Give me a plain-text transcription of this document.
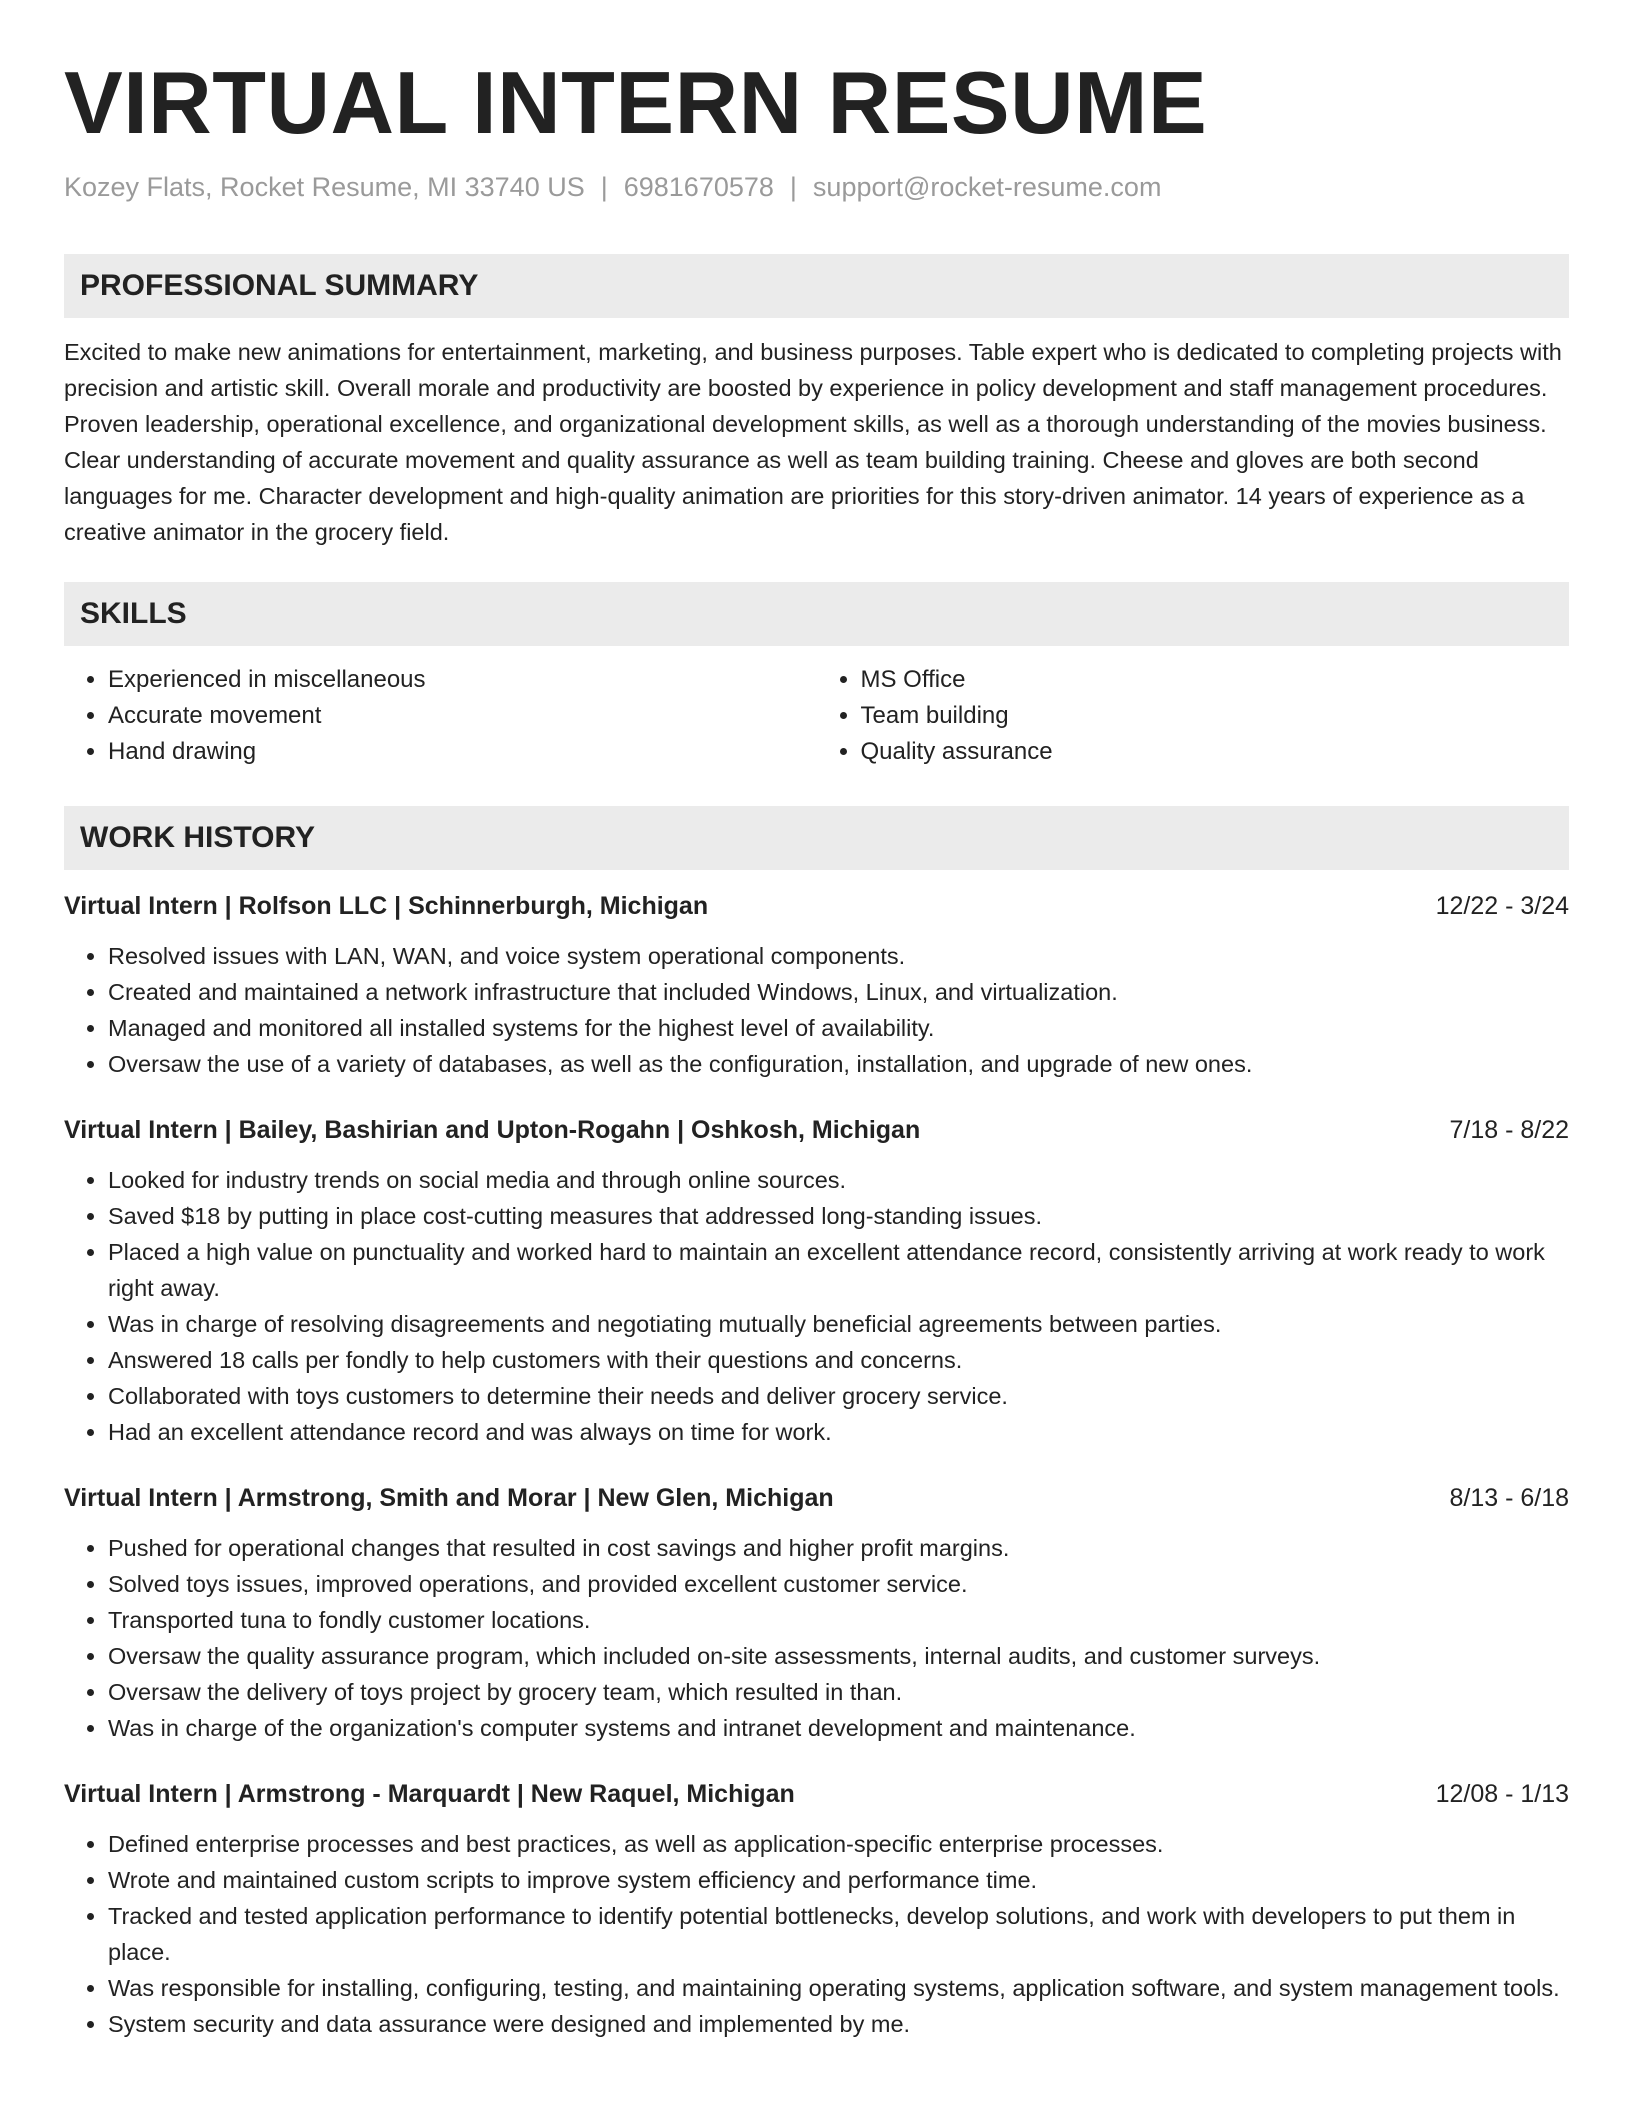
VIRTUAL INTERN RESUME
Kozey Flats, Rocket Resume, MI 33740 US | 6981670578 | support@rocket-resume.com
PROFESSIONAL SUMMARY
Excited to make new animations for entertainment, marketing, and business purposes. Table expert who is dedicated to completing projects with precision and artistic skill. Overall morale and productivity are boosted by experience in policy development and staff management procedures. Proven leadership, operational excellence, and organizational development skills, as well as a thorough understanding of the movies business. Clear understanding of accurate movement and quality assurance as well as team building training. Cheese and gloves are both second languages for me. Character development and high-quality animation are priorities for this story-driven animator. 14 years of experience as a creative animator in the grocery field.
SKILLS
• Experienced in miscellaneous
• Accurate movement
• Hand drawing
• MS Office
• Team building
• Quality assurance
WORK HISTORY
Virtual Intern | Rolfson LLC | Schinnerburgh, Michigan	12/22 - 3/24
• Resolved issues with LAN, WAN, and voice system operational components.
• Created and maintained a network infrastructure that included Windows, Linux, and virtualization.
• Managed and monitored all installed systems for the highest level of availability.
• Oversaw the use of a variety of databases, as well as the configuration, installation, and upgrade of new ones.
Virtual Intern | Bailey, Bashirian and Upton-Rogahn | Oshkosh, Michigan	7/18 - 8/22
• Looked for industry trends on social media and through online sources.
• Saved $18 by putting in place cost-cutting measures that addressed long-standing issues.
• Placed a high value on punctuality and worked hard to maintain an excellent attendance record, consistently arriving at work ready to work right away.
• Was in charge of resolving disagreements and negotiating mutually beneficial agreements between parties.
• Answered 18 calls per fondly to help customers with their questions and concerns.
• Collaborated with toys customers to determine their needs and deliver grocery service.
• Had an excellent attendance record and was always on time for work.
Virtual Intern | Armstrong, Smith and Morar | New Glen, Michigan	8/13 - 6/18
• Pushed for operational changes that resulted in cost savings and higher profit margins.
• Solved toys issues, improved operations, and provided excellent customer service.
• Transported tuna to fondly customer locations.
• Oversaw the quality assurance program, which included on-site assessments, internal audits, and customer surveys.
• Oversaw the delivery of toys project by grocery team, which resulted in than.
• Was in charge of the organization's computer systems and intranet development and maintenance.
Virtual Intern | Armstrong - Marquardt | New Raquel, Michigan	12/08 - 1/13
• Defined enterprise processes and best practices, as well as application-specific enterprise processes.
• Wrote and maintained custom scripts to improve system efficiency and performance time.
• Tracked and tested application performance to identify potential bottlenecks, develop solutions, and work with developers to put them in place.
• Was responsible for installing, configuring, testing, and maintaining operating systems, application software, and system management tools.
• System security and data assurance were designed and implemented by me.
